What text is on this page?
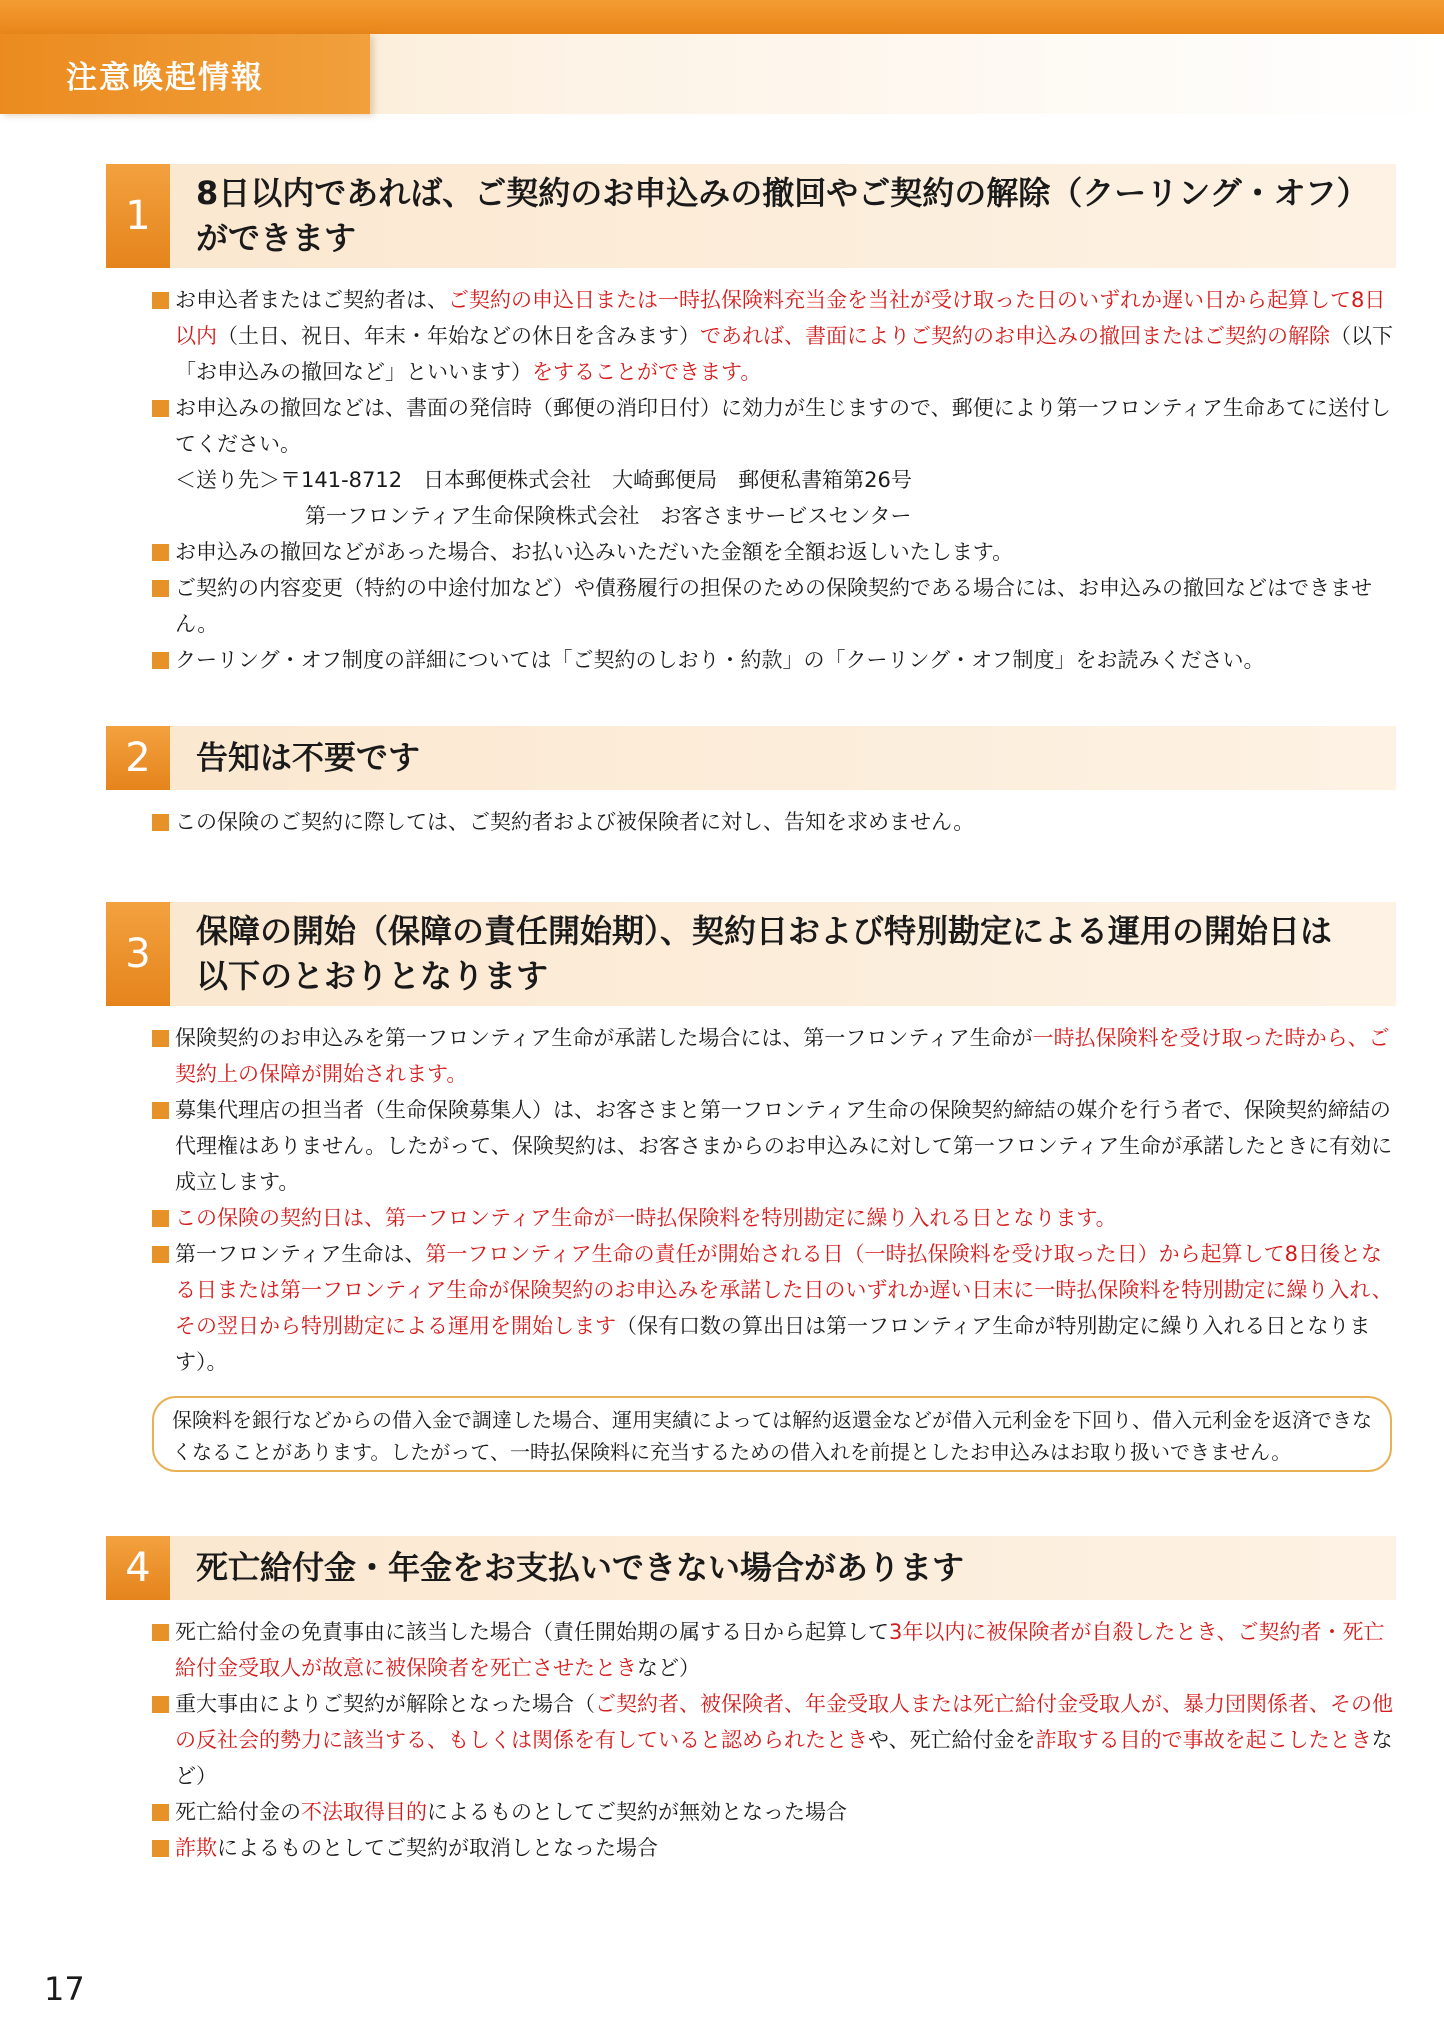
注意喚起情報
1	8日以内であれば、ご契約のお申込みの撤回やご契約の解除（クーリング・オフ）
ができます
お申込者またはご契約者は、ご契約の申込日または一時払保険料充当金を当社が受け取った日のいずれか遅い日から起算して8日以内（土日、祝日、年末・年始などの休日を含みます）であれば、書面によりご契約のお申込みの撤回またはご契約の解除（以下「お申込みの撤回など」といいます）をすることができます。
お申込みの撤回などは、書面の発信時（郵便の消印日付）に効力が生じますので、郵便により第一フロンティア生命あてに送付してください。
＜送り先＞〒141-8712　日本郵便株式会社　大崎郵便局　郵便私書箱第26号
第一フロンティア生命保険株式会社　お客さまサービスセンター
お申込みの撤回などがあった場合、お払い込みいただいた金額を全額お返しいたします。
ご契約の内容変更（特約の中途付加など）や債務履行の担保のための保険契約である場合には、お申込みの撤回などはできません。
クーリング・オフ制度の詳細については「ご契約のしおり・約款」の「クーリング・オフ制度」をお読みください。
2	告知は不要です
この保険のご契約に際しては、ご契約者および被保険者に対し、告知を求めません。
3	保障の開始（保障の責任開始期）、契約日および特別勘定による運用の開始日は
以下のとおりとなります
保険契約のお申込みを第一フロンティア生命が承諾した場合には、第一フロンティア生命が一時払保険料を受け取った時から、ご契約上の保障が開始されます。
募集代理店の担当者（生命保険募集人）は、お客さまと第一フロンティア生命の保険契約締結の媒介を行う者で、保険契約締結の代理権はありません。したがって、保険契約は、お客さまからのお申込みに対して第一フロンティア生命が承諾したときに有効に成立します。
この保険の契約日は、第一フロンティア生命が一時払保険料を特別勘定に繰り入れる日となります。
第一フロンティア生命は、第一フロンティア生命の責任が開始される日（一時払保険料を受け取った日）から起算して8日後となる日または第一フロンティア生命が保険契約のお申込みを承諾した日のいずれか遅い日末に一時払保険料を特別勘定に繰り入れ、その翌日から特別勘定による運用を開始します（保有口数の算出日は第一フロンティア生命が特別勘定に繰り入れる日となります）。
保険料を銀行などからの借入金で調達した場合、運用実績によっては解約返還金などが借入元利金を下回り、借入元利金を返済できなくなることがあります。したがって、一時払保険料に充当するための借入れを前提としたお申込みはお取り扱いできません。
4	死亡給付金・年金をお支払いできない場合があります
死亡給付金の免責事由に該当した場合（責任開始期の属する日から起算して3年以内に被保険者が自殺したとき、ご契約者・死亡給付金受取人が故意に被保険者を死亡させたときなど）
重大事由によりご契約が解除となった場合（ご契約者、被保険者、年金受取人または死亡給付金受取人が、暴力団関係者、その他の反社会的勢力に該当する、もしくは関係を有していると認められたときや、死亡給付金を詐取する目的で事故を起こしたときなど）
死亡給付金の不法取得目的によるものとしてご契約が無効となった場合
詐欺によるものとしてご契約が取消しとなった場合
17
